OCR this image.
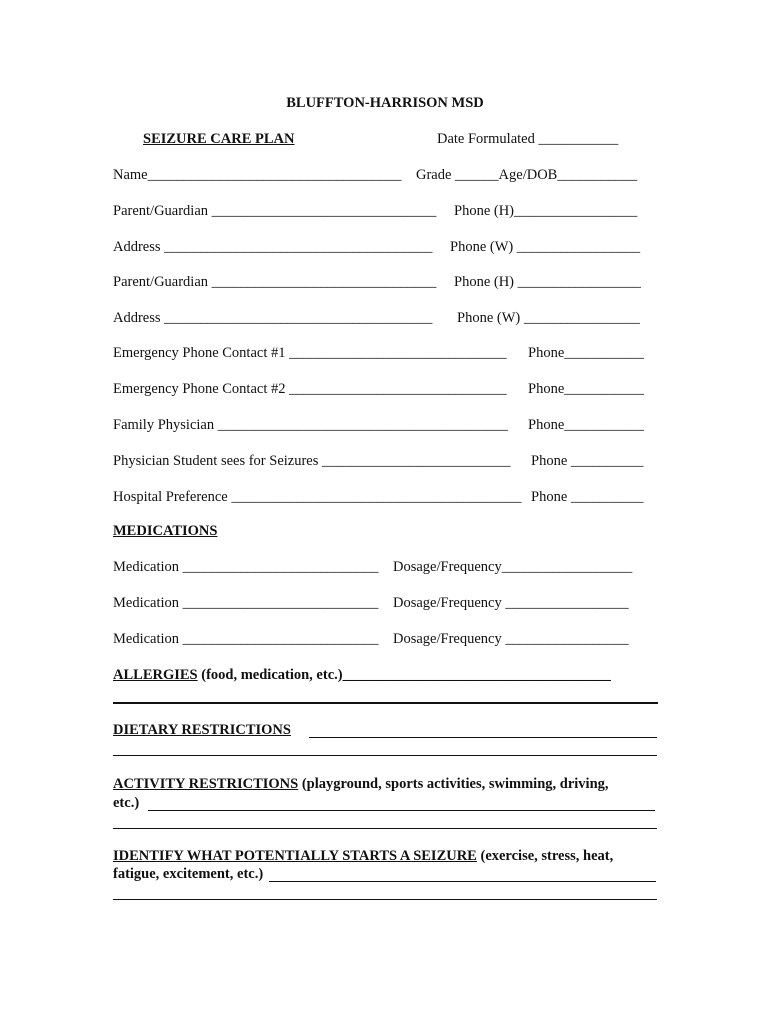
BLUFFTON-HARRISON MSD
SEIZURE CARE PLAN	Date Formulated ___________
Name___________________________________ Grade ______Age/DOB___________
Parent/Guardian _______________________________ Phone (H)_________________
Address _____________________________________ Phone (W) _________________
Parent/Guardian _______________________________ Phone (H) _________________
Address _____________________________________ Phone (W) ________________
Emergency Phone Contact #1 ______________________________ Phone___________
Emergency Phone Contact #2 ______________________________ Phone___________
Family Physician ________________________________________ Phone___________
Physician Student sees for Seizures __________________________ Phone __________
Hospital Preference ________________________________________ Phone __________
MEDICATIONS
Medication ___________________________ Dosage/Frequency__________________
Medication ___________________________ Dosage/Frequency _________________
Medication ___________________________ Dosage/Frequency _________________
ALLERGIES (food, medication, etc.)_____________________________________
DIETARY RESTRICTIONS
ACTIVITY RESTRICTIONS (playground, sports activities, swimming, driving,
etc.)
IDENTIFY WHAT POTENTIALLY STARTS A SEIZURE (exercise, stress, heat,
fatigue, excitement, etc.)
